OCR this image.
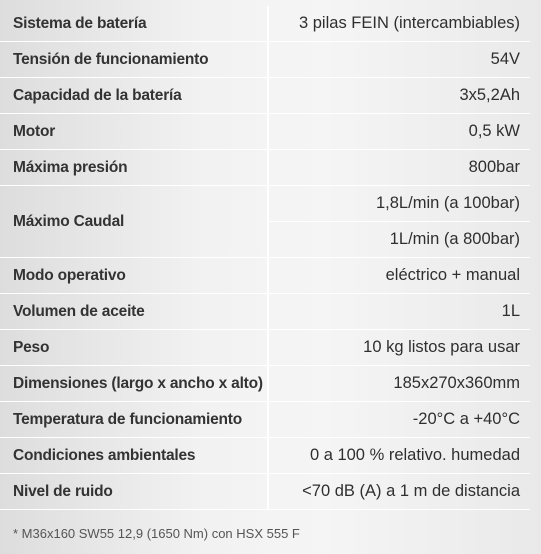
Sistema de batería	3 pilas FEIN (intercambiables)
Tensión de funcionamiento	54V
Capacidad de la batería	3x5,2Ah
Motor	0,5 kW
Máxima presión	800bar
Máximo Caudal	1,8L/min (a 100bar)
	1L/min (a 800bar)
Modo operativo	eléctrico + manual
Volumen de aceite	1L
Peso	10 kg listos para usar
Dimensiones (largo x ancho x alto)	185x270x360mm
Temperatura de funcionamiento	-20°C a +40°C
Condiciones ambientales	0 a 100 % relativo. humedad
Nivel de ruido	<70 dB (A) a 1 m de distancia
* M36x160 SW55 12,9 (1650 Nm) con HSX 555 F
